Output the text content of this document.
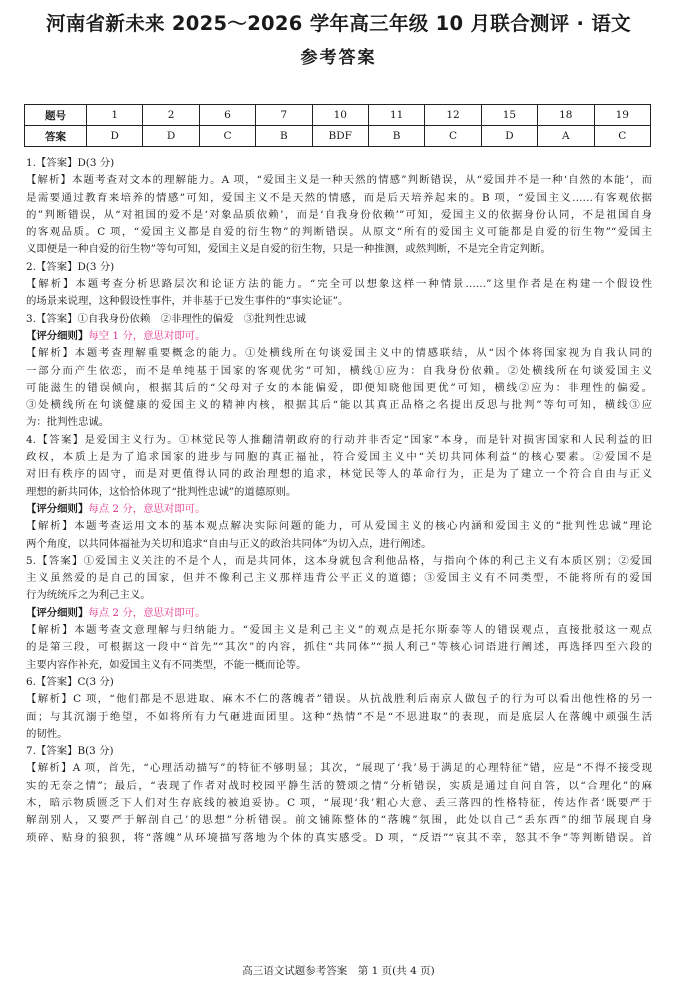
河南省新未来 2025～2026 学年高三年级 10 月联合测评 · 语文
参考答案
题号	1	2	6	7	10	11	12	15	18	19
答案	D	D	C	B	BDF	B	C	D	A	C
1.【答案】D(3 分)
【解析】本题考查对文本的理解能力。A 项，“爱国主义是一种天然的情感”判断错误，从“爱国并不是一种‘自然的本能’，而
是需要通过教育来培养的情感”可知，爱国主义不是天然的情感，而是后天培养起来的。B 项，“爱国主义……有客观依据
的”判断错误，从“对祖国的爱不是‘对象品质依赖’，而是‘自我身份依赖’”可知，爱国主义的依据身份认同，不是祖国自身
的客观品质。C 项，“爱国主义都是自爱的衍生物”的判断错误。从原文“所有的爱国主义可能都是自爱的衍生物”“爱国主
义即便是一种自爱的衍生物”等句可知，爱国主义是自爱的衍生物，只是一种推测，或然判断，不是完全肯定判断。
2.【答案】D(3 分)
【解析】本题考查分析思路层次和论证方法的能力。“完全可以想象这样一种情景……”这里作者是在构建一个假设性
的场景来说理，这种假设性事件，并非基于已发生事件的“事实论证”。
3.【答案】①自我身份依赖　②非理性的偏爱　③批判性忠诚
【评分细则】每空 1 分，意思对即可。
【解析】本题考查理解重要概念的能力。①处横线所在句谈爱国主义中的情感联结，从“因个体将国家视为自我认同的
一部分而产生依恋，而不是单纯基于国家的客观优劣”可知，横线①应为：自我身份依赖。②处横线所在句谈爱国主义
可能滋生的错误倾向，根据其后的“父母对子女的本能偏爱，即便知晓他国更优”可知，横线②应为：非理性的偏爱。
③处横线所在句谈健康的爱国主义的精神内核，根据其后“能以其真正品格之名提出反思与批判”等句可知，横线③应
为：批判性忠诚。
4.【答案】是爱国主义行为。①林觉民等人推翻清朝政府的行动并非否定“国家”本身，而是针对损害国家和人民利益的旧
政权，本质上是为了追求国家的进步与同胞的真正福祉，符合爱国主义中“关切共同体利益”的核心要素。②爱国不是
对旧有秩序的固守，而是对更值得认同的政治理想的追求，林觉民等人的革命行为，正是为了建立一个符合自由与正义
理想的新共同体，这恰恰体现了“批判性忠诚”的道德原则。
【评分细则】每点 2 分，意思对即可。
【解析】本题考查运用文本的基本观点解决实际问题的能力，可从爱国主义的核心内涵和爱国主义的“批判性忠诚”理论
两个角度，以共同体福祉为关切和追求“自由与正义的政治共同体”为切入点，进行阐述。
5.【答案】①爱国主义关注的不是个人，而是共同体，这本身就包含利他品格，与指向个体的利己主义有本质区别；②爱国
主义虽然爱的是自己的国家，但并不像利己主义那样违背公平正义的道德；③爱国主义有不同类型，不能将所有的爱国
行为统统斥之为利己主义。
【评分细则】每点 2 分，意思对即可。
【解析】本题考查文意理解与归纳能力。“爱国主义是利己主义”的观点是托尔斯泰等人的错误观点，直接批驳这一观点
的是第三段，可根据这一段中“首先”“其次”的内容，抓住“共同体”“损人利己”等核心词语进行阐述，再选择四至六段的
主要内容作补充，如爱国主义有不同类型，不能一概而论等。
6.【答案】C(3 分)
【解析】C 项，“他们都是不思进取、麻木不仁的落魄者”错误。从抗战胜利后南京人做包子的行为可以看出他性格的另一
面；与其沉溺于绝望，不如将所有力气砸进面团里。这种“热情”不是“不思进取”的表现，而是底层人在落魄中顽强生活
的韧性。
7.【答案】B(3 分)
【解析】A 项，首先，“心理活动描写”的特征不够明显；其次，“展现了‘我’易于满足的心理特征”错，应是“不得不接受现
实的无奈之情”；最后，“表现了作者对战时校园平静生活的赞颂之情”分析错误，实质是通过自问自答，以“合理化”的麻
木，暗示物质匮乏下人们对生存底线的被迫妥协。C 项，“展现‘我’粗心大意、丢三落四的性格特征，传达作者‘既要严于
解剖别人，又要严于解剖自己’的思想”分析错误。前文铺陈整体的“落魄”氛围，此处以自己“丢东西”的细节展现自身
琐碎、贴身的狼狈，将“落魄”从环境描写落地为个体的真实感受。D 项，“反语”“哀其不幸，怒其不争”等判断错误。首
高三语文试题参考答案　第 1 页(共 4 页)
